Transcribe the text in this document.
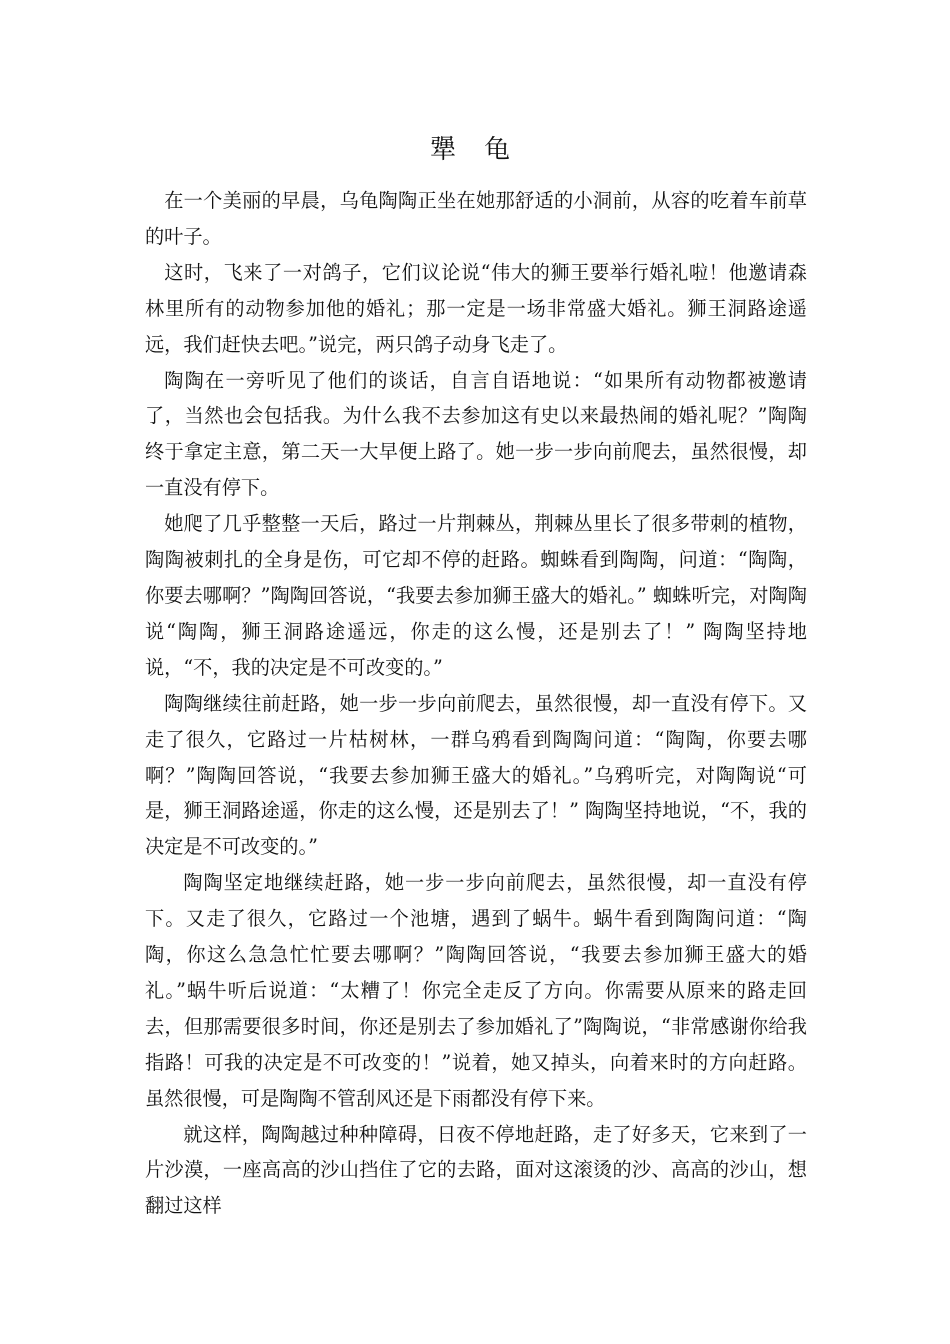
犟 龟

在一个美丽的早晨，乌龟陶陶正坐在她那舒适的小洞前，从容的吃着车前草的叶子。

这时，飞来了一对鸽子，它们议论说“伟大的狮王要举行婚礼啦！他邀请森林里所有的动物参加他的婚礼；那一定是一场非常盛大婚礼。狮王洞路途遥远，我们赶快去吧。”说完，两只鸽子动身飞走了。

陶陶在一旁听见了他们的谈话，自言自语地说：“如果所有动物都被邀请了，当然也会包括我。为什么我不去参加这有史以来最热闹的婚礼呢？”陶陶终于拿定主意，第二天一大早便上路了。她一步一步向前爬去，虽然很慢，却一直没有停下。

她爬了几乎整整一天后，路过一片荆棘丛，荆棘丛里长了很多带刺的植物，陶陶被刺扎的全身是伤，可它却不停的赶路。蜘蛛看到陶陶，问道：“陶陶，你要去哪啊？”陶陶回答说，“我要去参加狮王盛大的婚礼。” 蜘蛛听完，对陶陶说“陶陶，狮王洞路途遥远，你走的这么慢，还是别去了！” 陶陶坚持地说，“不，我的决定是不可改变的。”

陶陶继续往前赶路，她一步一步向前爬去，虽然很慢，却一直没有停下。又走了很久，它路过一片枯树林，一群乌鸦看到陶陶问道：“陶陶，你要去哪啊？”陶陶回答说，“我要去参加狮王盛大的婚礼。”乌鸦听完，对陶陶说“可是，狮王洞路途遥，你走的这么慢，还是别去了！” 陶陶坚持地说，“不，我的决定是不可改变的。”

陶陶坚定地继续赶路，她一步一步向前爬去，虽然很慢，却一直没有停下。又走了很久，它路过一个池塘，遇到了蜗牛。蜗牛看到陶陶问道：“陶陶，你这么急急忙忙要去哪啊？”陶陶回答说，“我要去参加狮王盛大的婚礼。”蜗牛听后说道：“太糟了！你完全走反了方向。你需要从原来的路走回去，但那需要很多时间，你还是别去了参加婚礼了”陶陶说，“非常感谢你给我指路！可我的决定是不可改变的！”说着，她又掉头，向着来时的方向赶路。虽然很慢，可是陶陶不管刮风还是下雨都没有停下来。

就这样，陶陶越过种种障碍，日夜不停地赶路，走了好多天，它来到了一片沙漠，一座高高的沙山挡住了它的去路，面对这滚烫的沙、高高的沙山，想翻过这样
